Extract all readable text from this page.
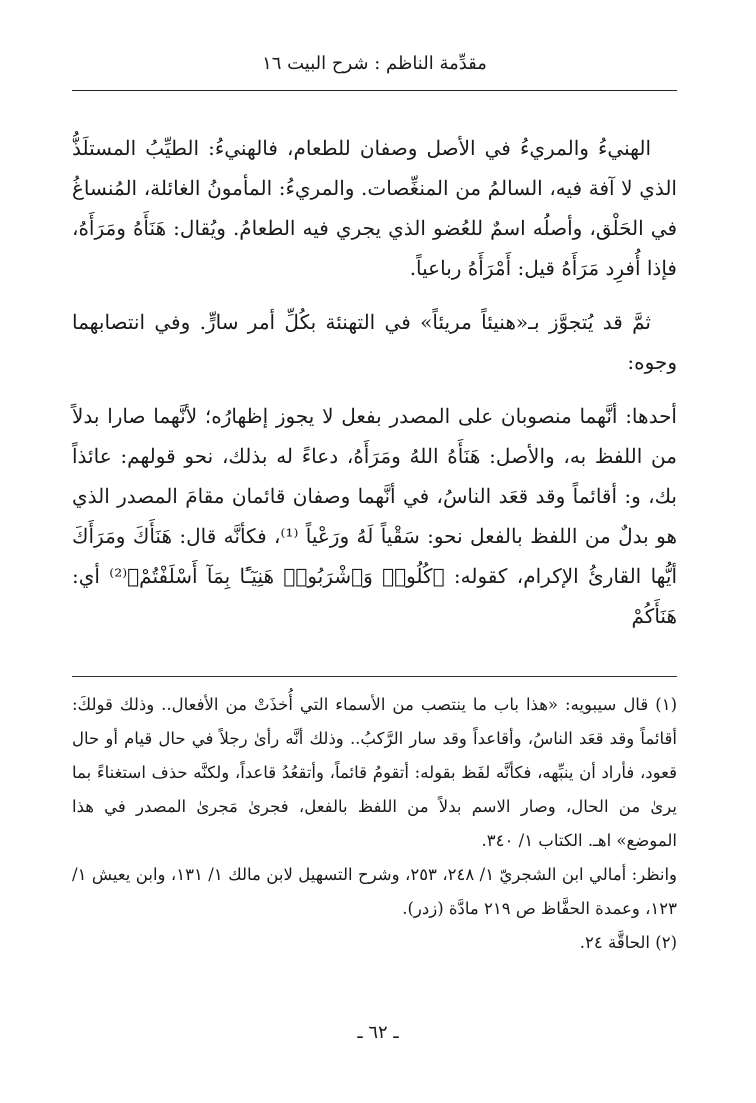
مقدِّمة الناظم : شرح البيت ١٦

الهنيءُ والمريءُ في الأصل وصفان للطعام، فالهنيءُ: الطيِّبُ المستلَذُّ الذي لا آفة فيه، السالمُ من المنغِّصات. والمريءُ: المأمونُ الغائلة، المُنساغُ في الحَلْق، وأصلُه اسمٌ للعُضو الذي يجري فيه الطعامُ. ويُقال: هَنَأَهُ ومَرَأَهُ، فإذا أُفرِد مَرَأَهُ قيل: أَمْرَأَهُ رباعياً.

ثمَّ قد يُتجوَّز بـ«هنيئاً مريئاً» في التهنئة بكُلِّ أمر سارٍّ. وفي انتصابهما وجوه:

أحدها: أنَّهما منصوبان على المصدر بفعل لا يجوز إظهارُه؛ لأنَّهما صارا بدلاً من اللفظ به، والأصل: هَنَأَهُ اللهُ ومَرَأَهُ، دعاءً له بذلك، نحو قولهم: عائذاً بك، و: أقائماً وقد قعَد الناسُ، في أنَّهما وصفان قائمان مقامَ المصدر الذي هو بدلٌ من اللفظ بالفعل نحو: سَقْياً لَهُ ورَعْياً ⁽¹⁾، فكأنَّه قال: هَنَأَكَ ومَرَأَكَ أيُّها القارئُ الإكرام، كقوله: ﴿كُلُوا۟ وَٱشْرَبُوا۟ هَنِيٓـًٔا بِمَآ أَسْلَفْتُمْ﴾⁽²⁾ أي: هَنَأَكُمْ

(١) قال سيبويه: «هذا باب ما ينتصب من الأسماء التي أُخذَتْ من الأفعال.. وذلك قولكَ: أقائماً وقد قعَد الناسُ، وأقاعداً وقد سار الرَّكبُ.. وذلك أنَّه رأىٰ رجلاً في حال قيام أو حال قعود، فأراد أن ينبِّهه، فكأنَّه لفَظ بقوله: أتقومُ قائماً، وأتقعُدُ قاعداً، ولكنَّه حذف استغناءً بما يرىٰ من الحال، وصار الاسم بدلاً من اللفظ بالفعل، فجرىٰ مَجرىٰ المصدر في هذا الموضع» اهـ. الكتاب ١/ ٣٤٠.

وانظر: أمالي ابن الشجريّ ١/ ٢٤٨، ٢٥٣، وشرح التسهيل لابن مالك ١/ ١٣١، وابن يعيش ١/ ١٢٣، وعمدة الحفَّاظ ص ٢١٩ مادَّة (زدر).

(٢) الحاقَّة ٢٤.

ـ ٦٢ ـ
